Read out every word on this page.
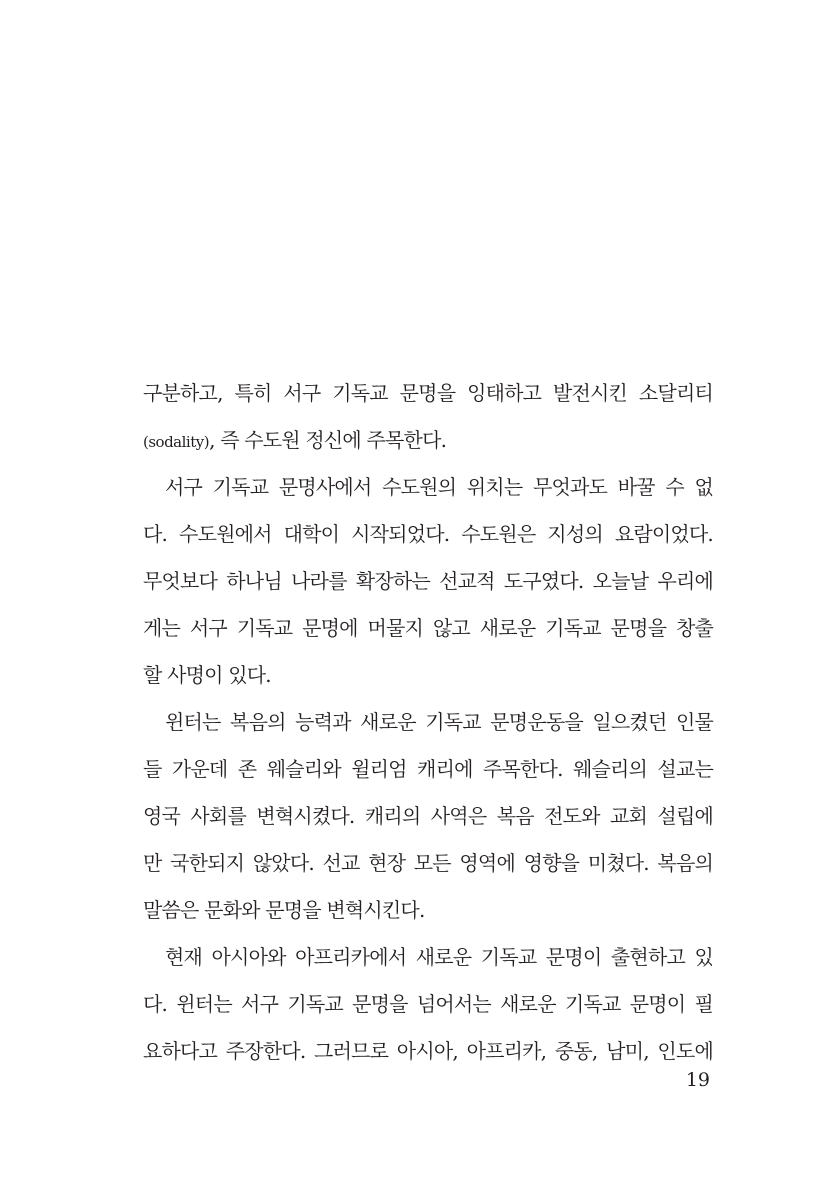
구분하고, 특히 서구 기독교 문명을 잉태하고 발전시킨 소달리티
(sodality), 즉 수도원 정신에 주목한다.
서구 기독교 문명사에서 수도원의 위치는 무엇과도 바꿀 수 없
다. 수도원에서 대학이 시작되었다. 수도원은 지성의 요람이었다.
무엇보다 하나님 나라를 확장하는 선교적 도구였다. 오늘날 우리에
게는 서구 기독교 문명에 머물지 않고 새로운 기독교 문명을 창출
할 사명이 있다.
윈터는 복음의 능력과 새로운 기독교 문명운동을 일으켰던 인물
들 가운데 존 웨슬리와 윌리엄 캐리에 주목한다. 웨슬리의 설교는
영국 사회를 변혁시켰다. 캐리의 사역은 복음 전도와 교회 설립에
만 국한되지 않았다. 선교 현장 모든 영역에 영향을 미쳤다. 복음의
말씀은 문화와 문명을 변혁시킨다.
현재 아시아와 아프리카에서 새로운 기독교 문명이 출현하고 있
다. 윈터는 서구 기독교 문명을 넘어서는 새로운 기독교 문명이 필
요하다고 주장한다. 그러므로 아시아, 아프리카, 중동, 남미, 인도에
19
